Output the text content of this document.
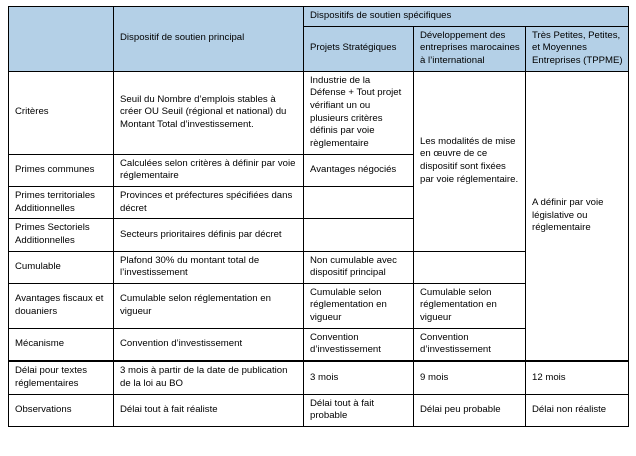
	Dispositif de soutien principal	Dispositifs de soutien spécifiques		
		Projets Stratégiques	Développement des entreprises marocaines à l’international	Très Petites, Petites, et Moyennes Entreprises (TPPME)
Critères	Seuil du Nombre d’emplois stables à créer OU Seuil (régional et national) du Montant Total d’investissement.	Industrie de la Défense + Tout projet vérifiant un ou plusieurs critères définis par voie règlementaire	Les modalités de mise en œuvre de ce dispositif sont fixées par voie réglementaire.	A définir par voie législative ou réglementaire
Primes communes	Calculées selon critères à définir par voie réglementaire	Avantages négociés		
Primes territoriales Additionnelles	Provinces et préfectures spécifiées dans décret			
Primes Sectoriels Additionnelles	Secteurs prioritaires définis par décret			
Cumulable	Plafond 30% du montant total de l’investissement	Non cumulable avec dispositif principal		
Avantages fiscaux et douaniers	Cumulable selon réglementation en vigueur	Cumulable selon réglementation en vigueur	Cumulable selon réglementation en vigueur	
Mécanisme	Convention d’investissement	Convention d’investissement	Convention d’investissement	
Délai pour textes réglementaires	3 mois à partir de la date de publication de la loi au BO	3 mois	9 mois	12 mois
Observations	Délai tout à fait réaliste	Délai tout à fait probable	Délai peu probable	Délai non réaliste
